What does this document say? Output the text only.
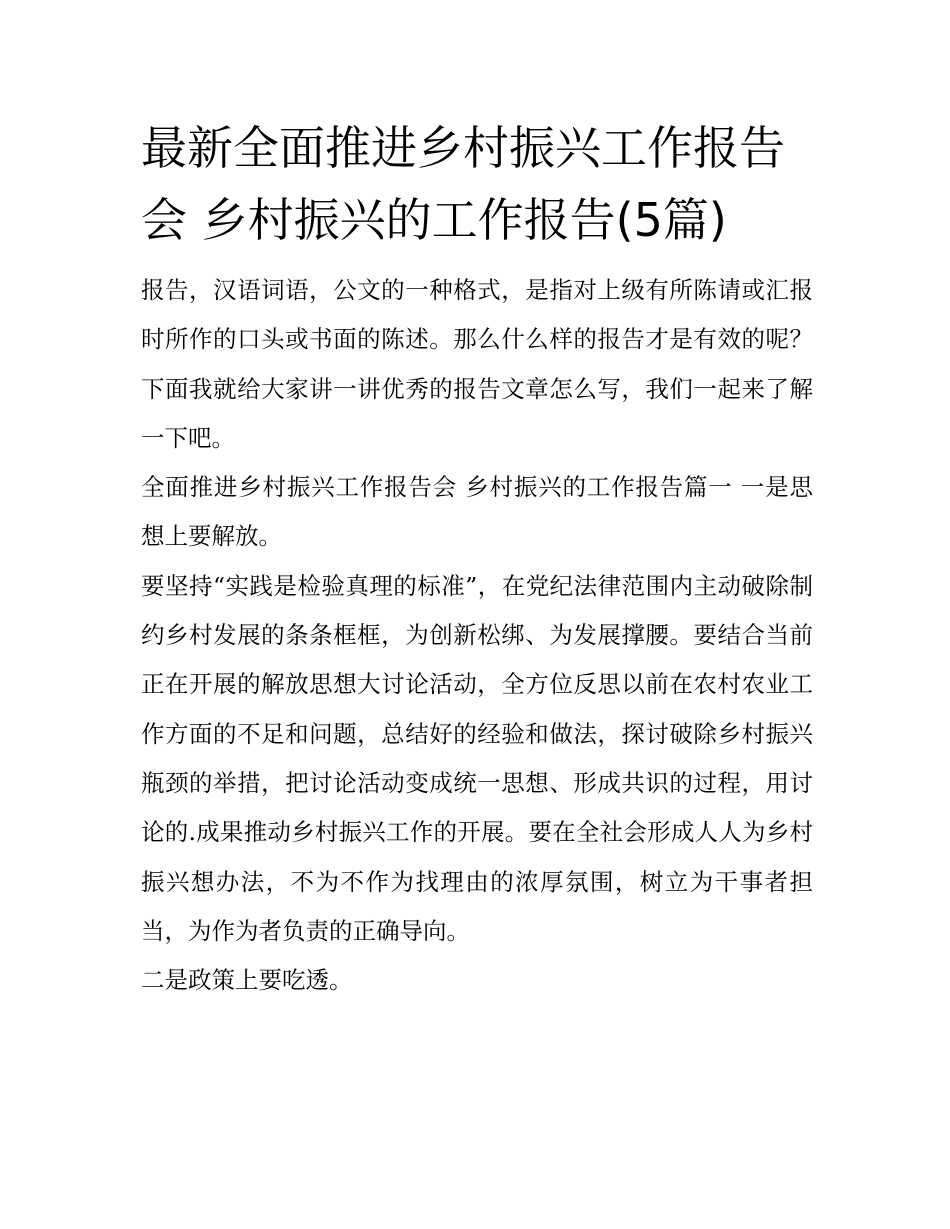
最新全面推进乡村振兴工作报告会 乡村振兴的工作报告(5篇)

报告，汉语词语，公文的一种格式，是指对上级有所陈请或汇报时所作的口头或书面的陈述。那么什么样的报告才是有效的呢？下面我就给大家讲一讲优秀的报告文章怎么写，我们一起来了解一下吧。

全面推进乡村振兴工作报告会 乡村振兴的工作报告篇一 一是思想上要解放。

要坚持“实践是检验真理的标准”，在党纪法律范围内主动破除制约乡村发展的条条框框，为创新松绑、为发展撑腰。要结合当前正在开展的解放思想大讨论活动，全方位反思以前在农村农业工作方面的不足和问题，总结好的经验和做法，探讨破除乡村振兴瓶颈的举措，把讨论活动变成统一思想、形成共识的过程，用讨论的.成果推动乡村振兴工作的开展。要在全社会形成人人为乡村振兴想办法，不为不作为找理由的浓厚氛围，树立为干事者担当，为作为者负责的正确导向。

二是政策上要吃透。
